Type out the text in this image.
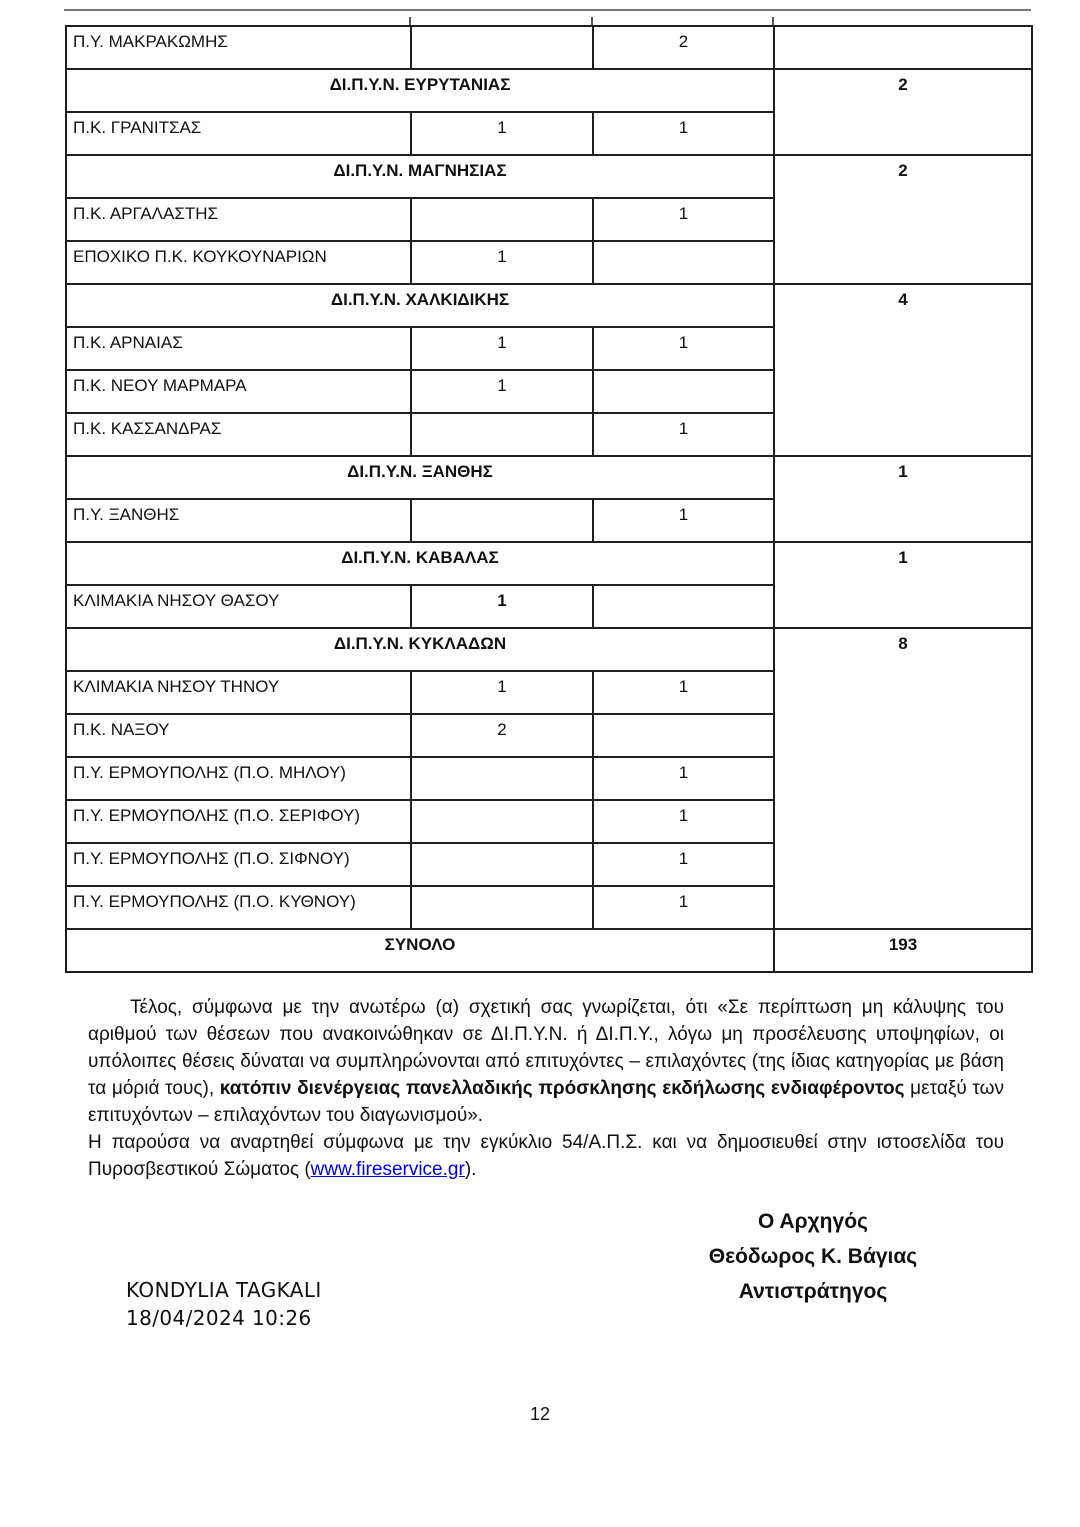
Π.Υ. ΜΑΚΡΑΚΩΜΗΣ		2	
ΔΙ.Π.Υ.Ν. ΕΥΡΥΤΑΝΙΑΣ			2
Π.Κ. ΓΡΑΝΙΤΣΑΣ	1	1	
ΔΙ.Π.Υ.Ν. ΜΑΓΝΗΣΙΑΣ			2
Π.Κ. ΑΡΓΑΛΑΣΤΗΣ		1	
ΕΠΟΧΙΚΟ Π.Κ. ΚΟΥΚΟΥΝΑΡΙΩΝ	1		
ΔΙ.Π.Υ.Ν. ΧΑΛΚΙΔΙΚΗΣ			4
Π.Κ. ΑΡΝΑΙΑΣ	1	1	
Π.Κ. ΝΕΟΥ ΜΑΡΜΑΡΑ	1		
Π.Κ. ΚΑΣΣΑΝΔΡΑΣ		1	
ΔΙ.Π.Υ.Ν. ΞΑΝΘΗΣ			1
Π.Υ. ΞΑΝΘΗΣ		1	
ΔΙ.Π.Υ.Ν. ΚΑΒΑΛΑΣ			1
ΚΛΙΜΑΚΙΑ ΝΗΣΟΥ ΘΑΣΟΥ	1		
ΔΙ.Π.Υ.Ν. ΚΥΚΛΑΔΩΝ			8
ΚΛΙΜΑΚΙΑ ΝΗΣΟΥ ΤΗΝΟΥ	1	1	
Π.Κ. ΝΑΞΟΥ	2		
Π.Υ. ΕΡΜΟΥΠΟΛΗΣ (Π.Ο. ΜΗΛΟΥ)		1	
Π.Υ. ΕΡΜΟΥΠΟΛΗΣ (Π.Ο. ΣΕΡΙΦΟΥ)		1	
Π.Υ. ΕΡΜΟΥΠΟΛΗΣ (Π.Ο. ΣΙΦΝΟΥ)		1	
Π.Υ. ΕΡΜΟΥΠΟΛΗΣ (Π.Ο. ΚΥΘΝΟΥ)		1	
ΣΥΝΟΛΟ			193

Τέλος, σύμφωνα με την ανωτέρω (α) σχετική σας γνωρίζεται, ότι «Σε περίπτωση μη κάλυψης του αριθμού των θέσεων που ανακοινώθηκαν σε ΔΙ.Π.Υ.Ν. ή ΔΙ.Π.Υ., λόγω μη προσέλευσης υποψηφίων, οι υπόλοιπες θέσεις δύναται να συμπληρώνονται από επιτυχόντες – επιλαχόντες (της ίδιας κατηγορίας με βάση τα μόριά τους), κατόπιν διενέργειας πανελλαδικής πρόσκλησης εκδήλωσης ενδιαφέροντος μεταξύ των επιτυχόντων – επιλαχόντων του διαγωνισμού».

Η παρούσα να αναρτηθεί σύμφωνα με την εγκύκλιο 54/Α.Π.Σ. και να δημοσιευθεί στην ιστοσελίδα του Πυροσβεστικού Σώματος (www.fireservice.gr).

Ο Αρχηγός
Θεόδωρος Κ. Βάγιας
Αντιστράτηγος
KONDYLIA TAGKALI
18/04/2024 10:26
12
